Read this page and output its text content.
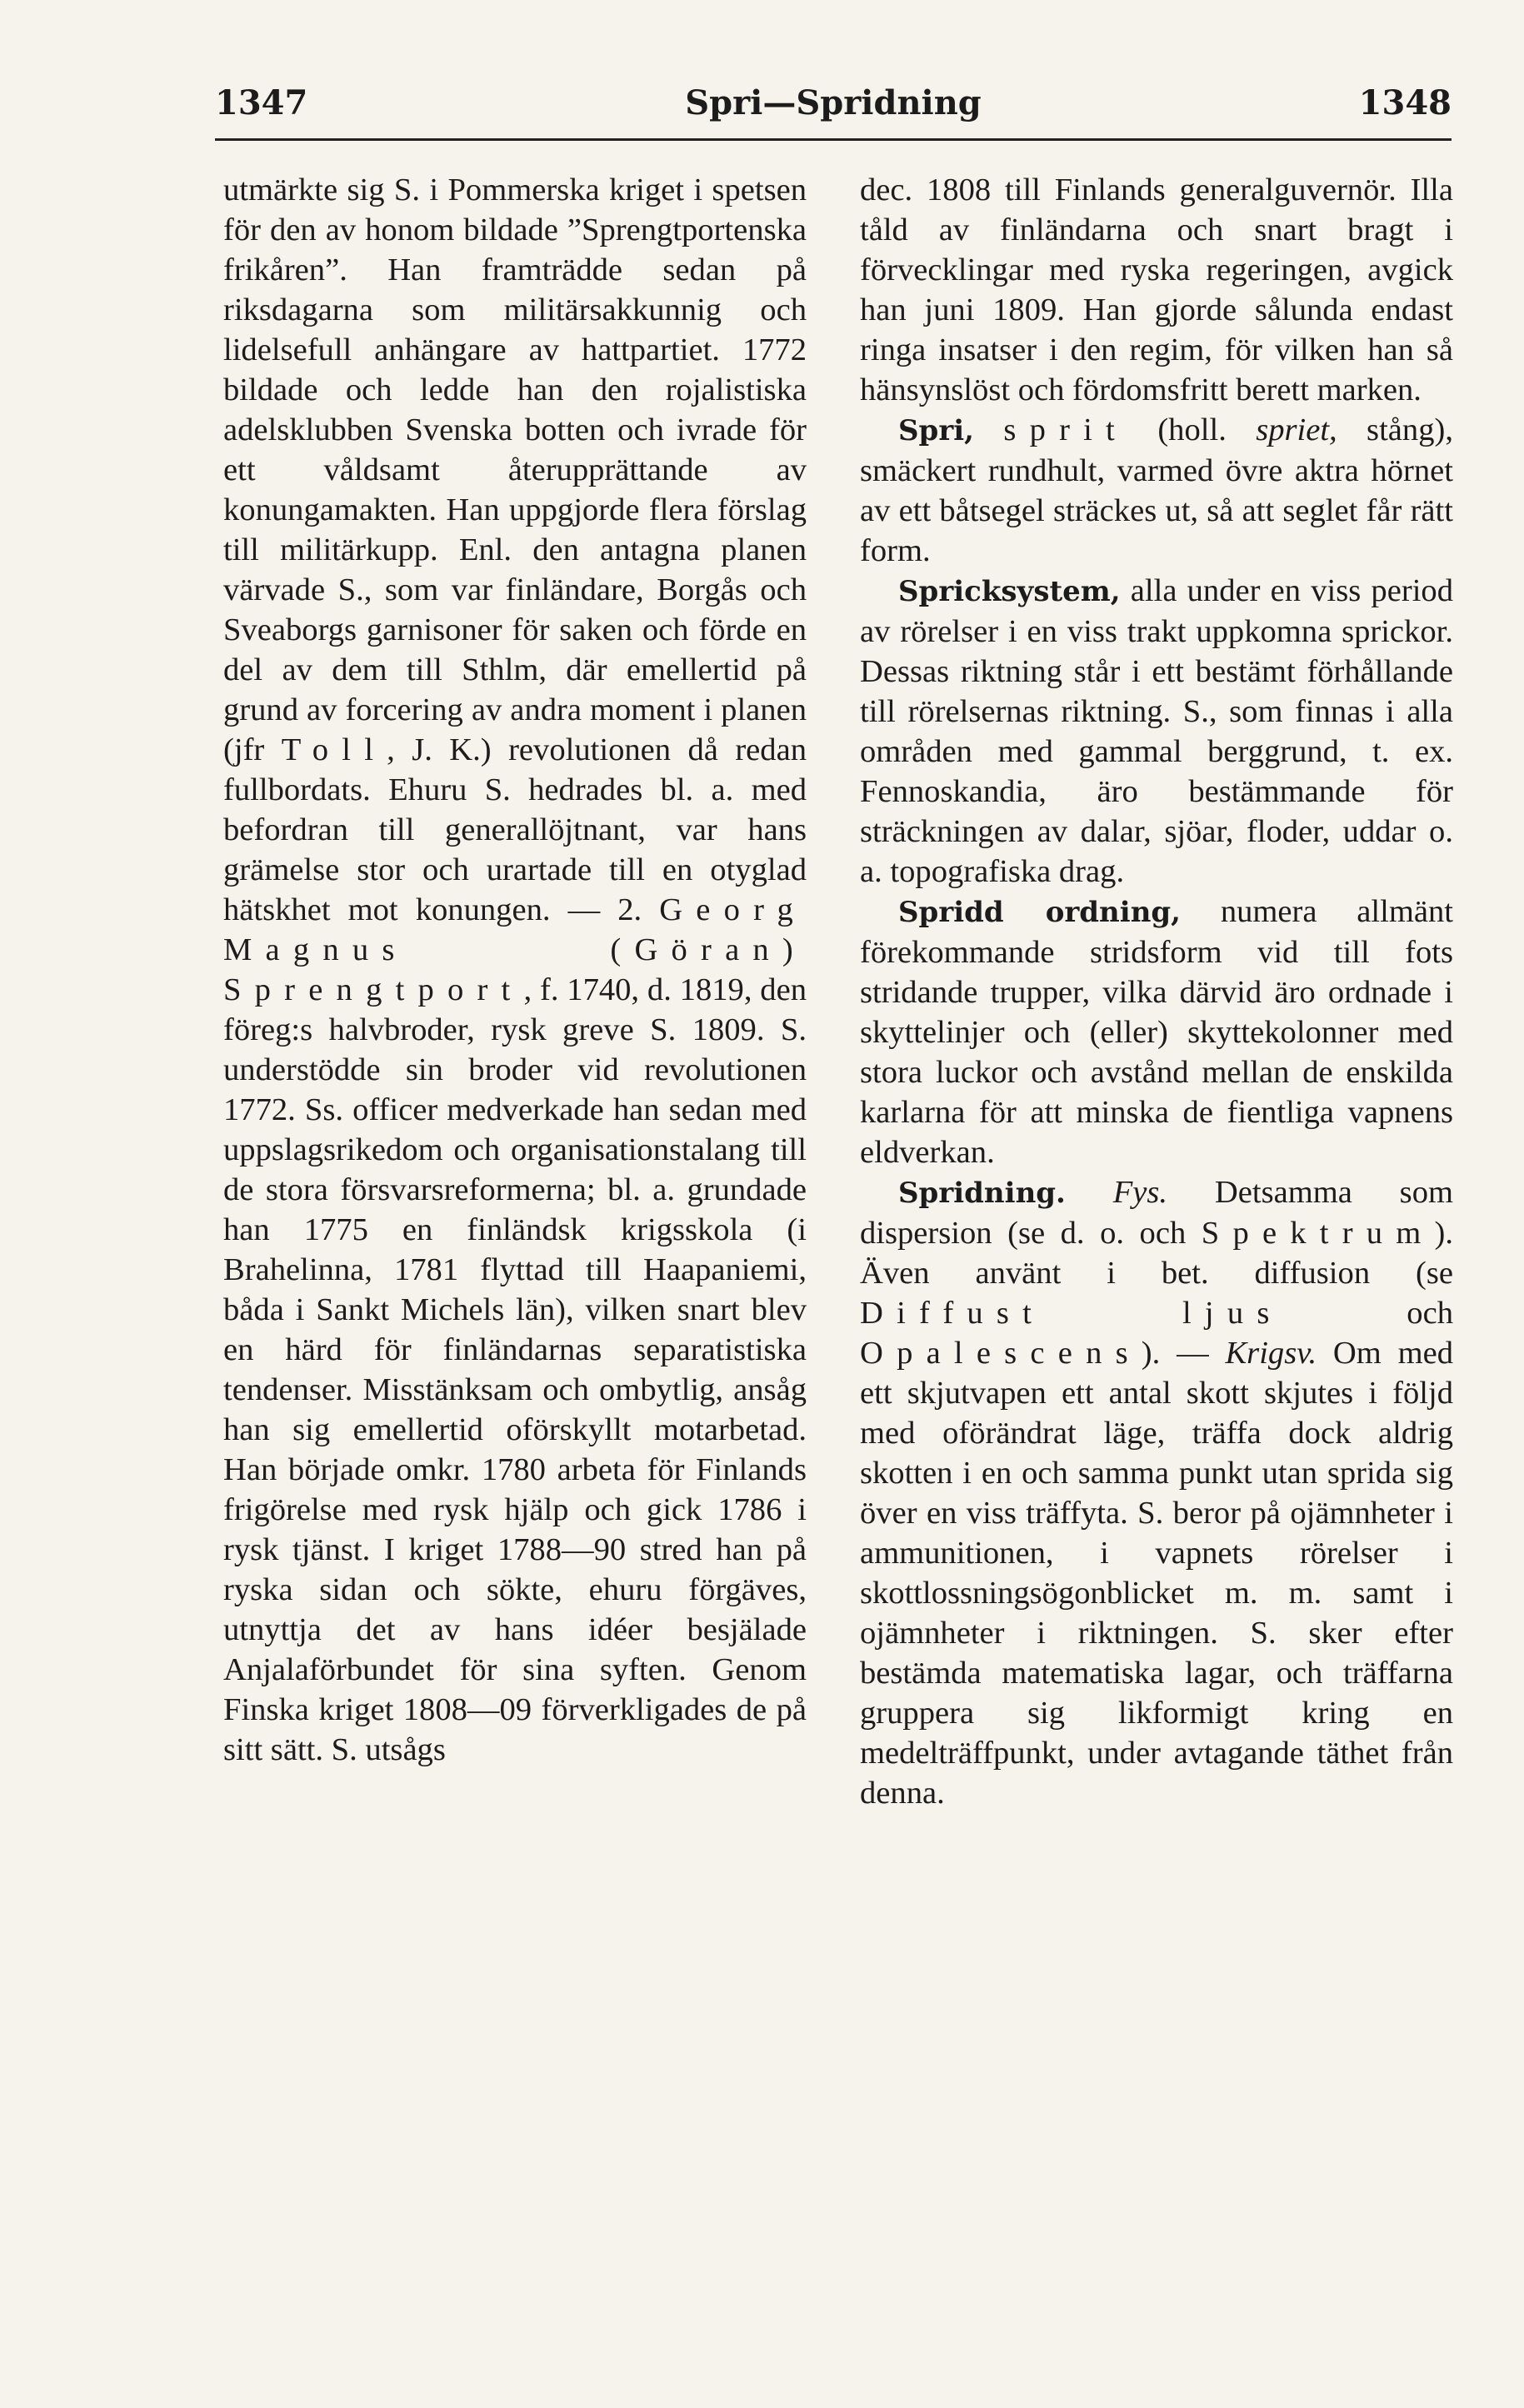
1347	Spri—Spridning	1348

utmärkte sig S. i Pommerska kriget i spetsen för den av honom bildade ”Sprengtportenska frikåren”. Han framträdde sedan på riksdagarna som militärsakkunnig och lidelsefull anhängare av hattpartiet. 1772 bildade och ledde han den rojalistiska adelsklubben Svenska botten och ivrade för ett våldsamt återupprättande av konungamakten. Han uppgjorde flera förslag till militärkupp. Enl. den antagna planen värvade S., som var finländare, Borgås och Sveaborgs garnisoner för saken och förde en del av dem till Sthlm, där emellertid på grund av forcering av andra moment i planen (jfr Toll, J. K.) revolutionen då redan fullbordats. Ehuru S. hedrades bl. a. med befordran till generallöjtnant, var hans grämelse stor och urartade till en otyglad hätskhet mot konungen. — 2. Georg Magnus (Göran) Sprengtport, f. 1740, d. 1819, den föreg:s halvbroder, rysk greve S. 1809. S. understödde sin broder vid revolutionen 1772. Ss. officer medverkade han sedan med uppslagsrikedom och organisationstalang till de stora försvarsreformerna; bl. a. grundade han 1775 en finländsk krigsskola (i Brahelinna, 1781 flyttad till Haapaniemi, båda i Sankt Michels län), vilken snart blev en härd för finländarnas separatistiska tendenser. Misstänksam och ombytlig, ansåg han sig emellertid oförskyllt motarbetad. Han började omkr. 1780 arbeta för Finlands frigörelse med rysk hjälp och gick 1786 i rysk tjänst. I kriget 1788—90 stred han på ryska sidan och sökte, ehuru förgäves, utnyttja det av hans idéer besjälade Anjalaförbundet för sina syften. Genom Finska kriget 1808—09 förverkligades de på sitt sätt. S. utsågs

dec. 1808 till Finlands generalguvernör. Illa tåld av finländarna och snart bragt i förvecklingar med ryska regeringen, avgick han juni 1809. Han gjorde sålunda endast ringa insatser i den regim, för vilken han så hänsynslöst och fördomsfritt berett marken.

Spri, sprit (holl. spriet, stång), smäckert rundhult, varmed övre aktra hörnet av ett båtsegel sträckes ut, så att seglet får rätt form.

Spricksystem, alla under en viss period av rörelser i en viss trakt uppkomna sprickor. Dessas riktning står i ett bestämt förhållande till rörelsernas riktning. S., som finnas i alla områden med gammal berggrund, t. ex. Fennoskandia, äro bestämmande för sträckningen av dalar, sjöar, floder, uddar o. a. topografiska drag.

Spridd ordning, numera allmänt förekommande stridsform vid till fots stridande trupper, vilka därvid äro ordnade i skyttelinjer och (eller) skyttekolonner med stora luckor och avstånd mellan de enskilda karlarna för att minska de fientliga vapnens eldverkan.

Spridning. Fys. Detsamma som dispersion (se d. o. och Spektrum). Även använt i bet. diffusion (se Diffust ljus och Opalescens). — Krigsv. Om med ett skjutvapen ett antal skott skjutes i följd med oförändrat läge, träffa dock aldrig skotten i en och samma punkt utan sprida sig över en viss träffyta. S. beror på ojämnheter i ammunitionen, i vapnets rörelser i skottlossningsögonblicket m. m. samt i ojämnheter i riktningen. S. sker efter bestämda matematiska lagar, och träffarna gruppera sig likformigt kring en medelträffpunkt, under avtagande täthet från denna.
